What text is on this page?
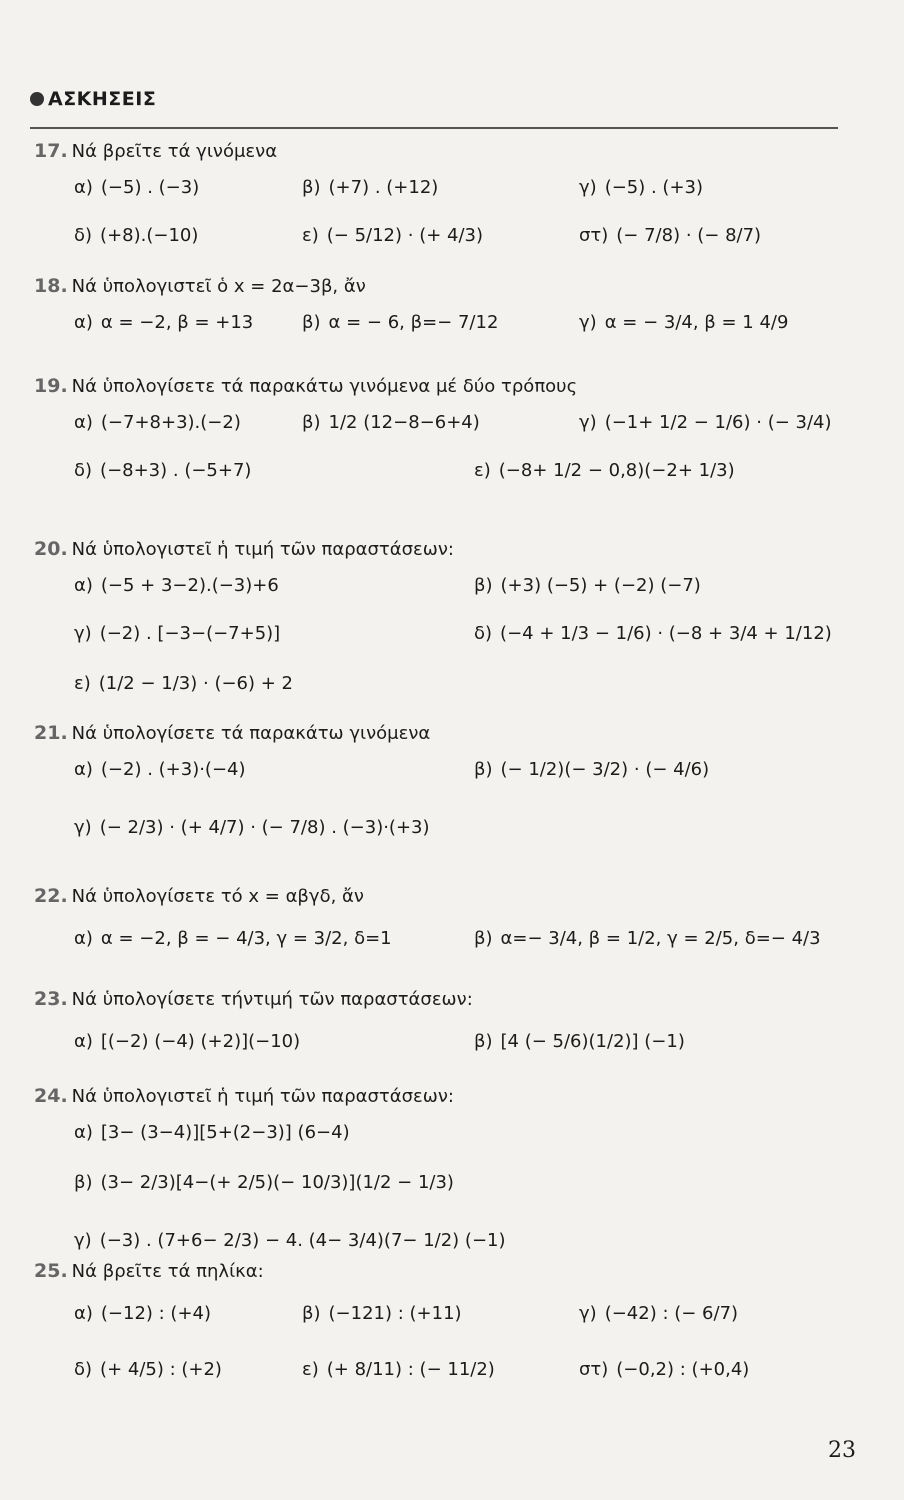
ΑΣΚΗΣΕΙΣ
17. Νά βρεῖτε τά γινόμενα
α) (−5) . (−3)	β) (+7) . (+12)	γ) (−5) . (+3)
δ) (+8).(−10)	ε) (− 5/12) · (+ 4/3)	στ) (− 7/8) · (− 8/7)
18. Νά ὑπολογιστεῖ ὁ x = 2α−3β, ἄν
α) α = −2, β = +13	β) α = − 6, β=− 7/12	γ) α = − 3/4, β = 1 4/9
19. Νά ὑπολογίσετε τά παρακάτω γινόμενα μέ δύο τρόπους
α) (−7+8+3).(−2)	β) 1/2 (12−8−6+4)	γ) (−1+ 1/2 − 1/6) · (− 3/4)
δ) (−8+3) . (−5+7)	ε) (−8+ 1/2 − 0,8)(−2+ 1/3)
20. Νά ὑπολογιστεῖ ἡ τιμή τῶν παραστάσεων:
α) (−5 + 3−2).(−3)+6	β) (+3) (−5) + (−2) (−7)
γ) (−2) . [−3−(−7+5)]	δ) (−4 + 1/3 − 1/6) · (−8 + 3/4 + 1/12)
ε) (1/2 − 1/3) · (−6) + 2
21. Νά ὑπολογίσετε τά παρακάτω γινόμενα
α) (−2) . (+3)·(−4)	β) (− 1/2)(− 3/2) · (− 4/6)
γ) (− 2/3) · (+ 4/7) · (− 7/8) . (−3)·(+3)
22. Νά ὑπολογίσετε τό x = αβγδ, ἄν
α) α = −2, β = − 4/3, γ = 3/2, δ=1	β) α=− 3/4, β = 1/2, γ = 2/5, δ=− 4/3
23. Νά ὑπολογίσετε τήντιμή τῶν παραστάσεων:
α) [(−2) (−4) (+2)](−10)	β) [4 (− 5/6)(1/2)] (−1)
24. Νά ὑπολογιστεῖ ἡ τιμή τῶν παραστάσεων:
α) [3− (3−4)][5+(2−3)] (6−4)
β) (3− 2/3)[4−(+ 2/5)(− 10/3)](1/2 − 1/3)
γ) (−3) . (7+6− 2/3) − 4. (4− 3/4)(7− 1/2) (−1)
25. Νά βρεῖτε τά πηλίκα:
α) (−12) : (+4)	β) (−121) : (+11)	γ) (−42) : (− 6/7)
δ) (+ 4/5) : (+2)	ε) (+ 8/11) : (− 11/2)	στ) (−0,2) : (+0,4)
23
